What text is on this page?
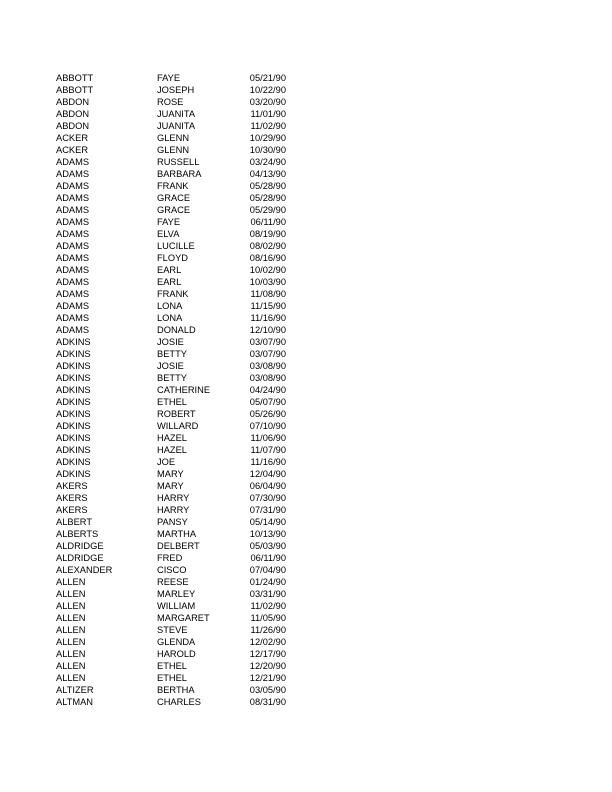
ABBOTT	FAYE	05/21/90
ABBOTT	JOSEPH	10/22/90
ABDON	ROSE	03/20/90
ABDON	JUANITA	11/01/90
ABDON	JUANITA	11/02/90
ACKER	GLENN	10/29/90
ACKER	GLENN	10/30/90
ADAMS	RUSSELL	03/24/90
ADAMS	BARBARA	04/13/90
ADAMS	FRANK	05/28/90
ADAMS	GRACE	05/28/90
ADAMS	GRACE	05/29/90
ADAMS	FAYE	06/11/90
ADAMS	ELVA	08/19/90
ADAMS	LUCILLE	08/02/90
ADAMS	FLOYD	08/16/90
ADAMS	EARL	10/02/90
ADAMS	EARL	10/03/90
ADAMS	FRANK	11/08/90
ADAMS	LONA	11/15/90
ADAMS	LONA	11/16/90
ADAMS	DONALD	12/10/90
ADKINS	JOSIE	03/07/90
ADKINS	BETTY	03/07/90
ADKINS	JOSIE	03/08/90
ADKINS	BETTY	03/08/90
ADKINS	CATHERINE	04/24/90
ADKINS	ETHEL	05/07/90
ADKINS	ROBERT	05/26/90
ADKINS	WILLARD	07/10/90
ADKINS	HAZEL	11/06/90
ADKINS	HAZEL	11/07/90
ADKINS	JOE	11/16/90
ADKINS	MARY	12/04/90
AKERS	MARY	06/04/90
AKERS	HARRY	07/30/90
AKERS	HARRY	07/31/90
ALBERT	PANSY	05/14/90
ALBERTS	MARTHA	10/13/90
ALDRIDGE	DELBERT	05/03/90
ALDRIDGE	FRED	06/11/90
ALEXANDER	CISCO	07/04/90
ALLEN	REESE	01/24/90
ALLEN	MARLEY	03/31/90
ALLEN	WILLIAM	11/02/90
ALLEN	MARGARET	11/05/90
ALLEN	STEVE	11/26/90
ALLEN	GLENDA	12/02/90
ALLEN	HAROLD	12/17/90
ALLEN	ETHEL	12/20/90
ALLEN	ETHEL	12/21/90
ALTIZER	BERTHA	03/05/90
ALTMAN	CHARLES	08/31/90
